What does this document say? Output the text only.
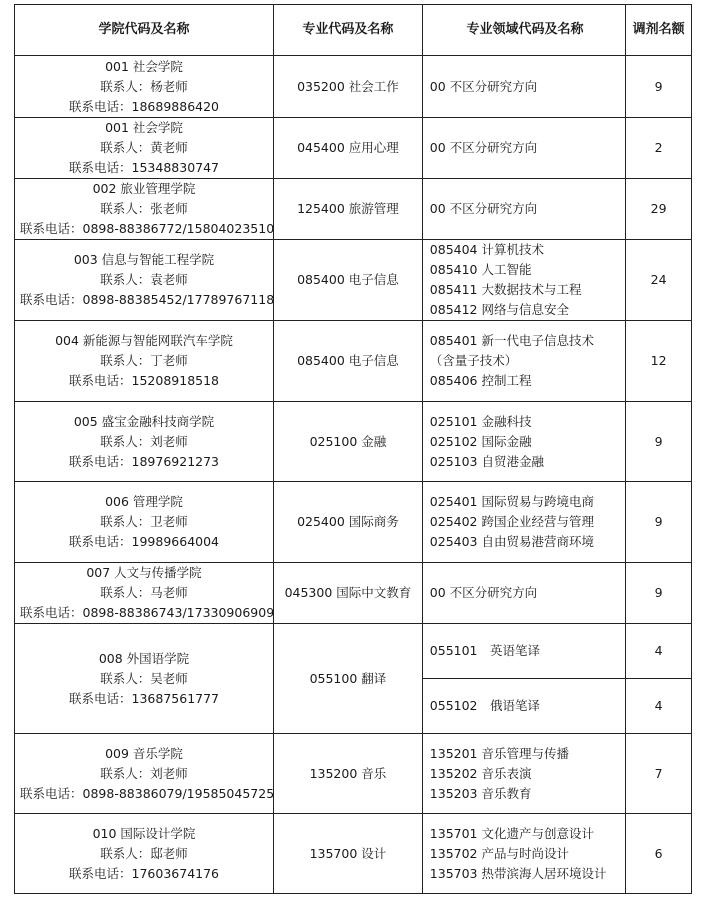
学院代码及名称	专业代码及名称	专业领域代码及名称	调剂名额

001 社会学院
联系人：杨老师
联系电话：18689886420	035200 社会工作	00 不区分研究方向	9

001 社会学院
联系人：黄老师
联系电话：15348830747	045400 应用心理	00 不区分研究方向	2

002 旅业管理学院
联系人：张老师
联系电话：0898-88386772/15804023510	125400 旅游管理	00 不区分研究方向	29

003 信息与智能工程学院
联系人：袁老师
联系电话：0898-88385452/17789767118	085400 电子信息	085404 计算机技术
085410 人工智能
085411 大数据技术与工程
085412 网络与信息安全	24

004 新能源与智能网联汽车学院
联系人：丁老师
联系电话：15208918518	085400 电子信息	085401 新一代电子信息技术
（含量子技术）
085406 控制工程	12

005 盛宝金融科技商学院
联系人：刘老师
联系电话：18976921273	025100 金融	025101 金融科技
025102 国际金融
025103 自贸港金融	9

006 管理学院
联系人：卫老师
联系电话：19989664004	025400 国际商务	025401 国际贸易与跨境电商
025402 跨国企业经营与管理
025403 自由贸易港营商环境	9

007 人文与传播学院
联系人：马老师
联系电话：0898-88386743/17330906909	045300 国际中文教育	00 不区分研究方向	9

008 外国语学院
联系人：吴老师
联系电话：13687561777	055100 翻译	055101　英语笔译	4

		055102　俄语笔译	4

009 音乐学院
联系人：刘老师
联系电话：0898-88386079/19585045725	135200 音乐	135201 音乐管理与传播
135202 音乐表演
135203 音乐教育	7

010 国际设计学院
联系人：邸老师
联系电话：17603674176	135700 设计	135701 文化遗产与创意设计
135702 产品与时尚设计
135703 热带滨海人居环境设计	6
